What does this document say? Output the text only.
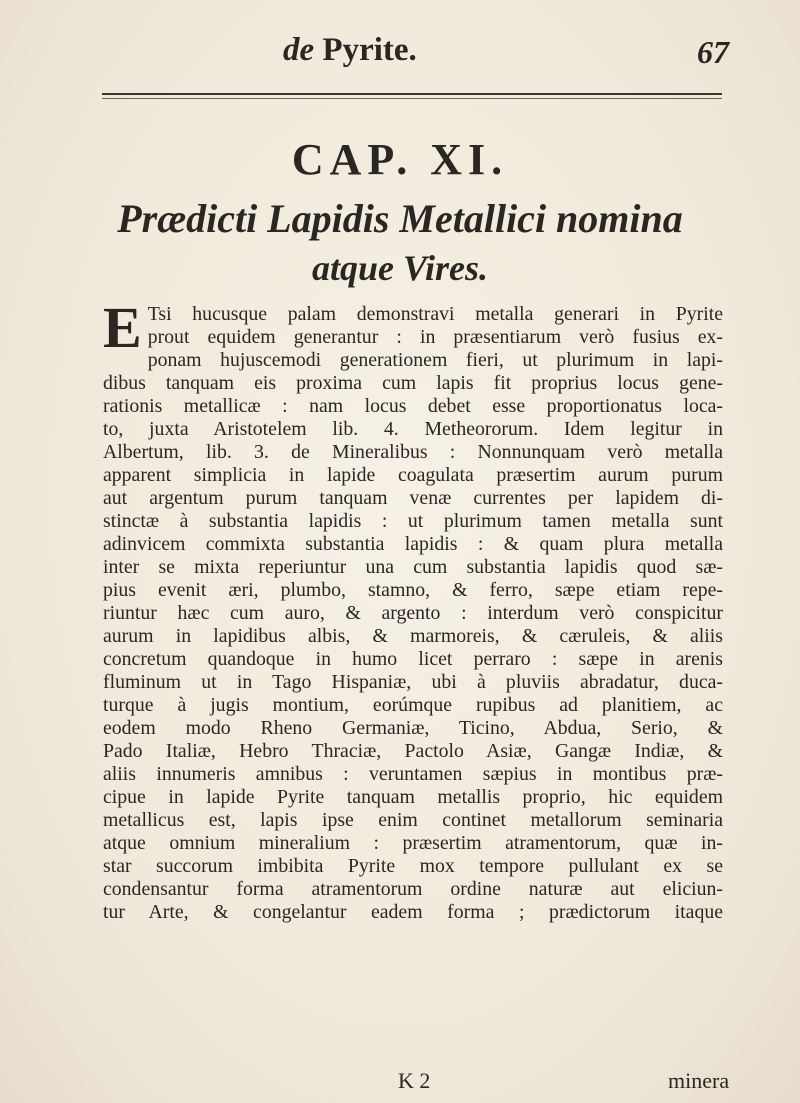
de Pyrite.	67
CAP. XI.
Prædicti Lapidis Metallici nomina
atque Vires.
E Tsi hucusque palam demonstravi metalla generari in Pyrite
prout equidem generantur : in præsentiarum verò fusius ex-
ponam hujuscemodi generationem fieri, ut plurimum in lapi-
dibus tanquam eis proxima cum lapis fit proprius locus gene-
rationis metallicæ : nam locus debet esse proportionatus loca-
to, juxta Aristotelem lib. 4. Metheororum. Idem legitur in
Albertum, lib. 3. de Mineralibus : Nonnunquam verò metalla
apparent simplicia in lapide coagulata præsertim aurum purum
aut argentum purum tanquam venæ currentes per lapidem di-
stinctæ à substantia lapidis : ut plurimum tamen metalla sunt
adinvicem commixta substantia lapidis : & quam plura metalla
inter se mixta reperiuntur una cum substantia lapidis quod sæ-
pius evenit æri, plumbo, stamno, & ferro, sæpe etiam repe-
riuntur hæc cum auro, & argento : interdum verò conspicitur
aurum in lapidibus albis, & marmoreis, & cæruleis, & aliis
concretum quandoque in humo licet perraro : sæpe in arenis
fluminum ut in Tago Hispaniæ, ubi à pluviis abradatur, duca-
turque à jugis montium, eorúmque rupibus ad planitiem, ac
eodem modo Rheno Germaniæ, Ticino, Abdua, Serio, &
Pado Italiæ, Hebro Thraciæ, Pactolo Asiæ, Gangæ Indiæ, &
aliis innumeris amnibus : veruntamen sæpius in montibus præ-
cipue in lapide Pyrite tanquam metallis proprio, hic equidem
metallicus est, lapis ipse enim continet metallorum seminaria
atque omnium mineralium : præsertim atramentorum, quæ in-
star succorum imbibita Pyrite mox tempore pullulant ex se
condensantur forma atramentorum ordine naturæ aut eliciun-
tur Arte, & congelantur eadem forma ; prædictorum itaque
K 2	minera
